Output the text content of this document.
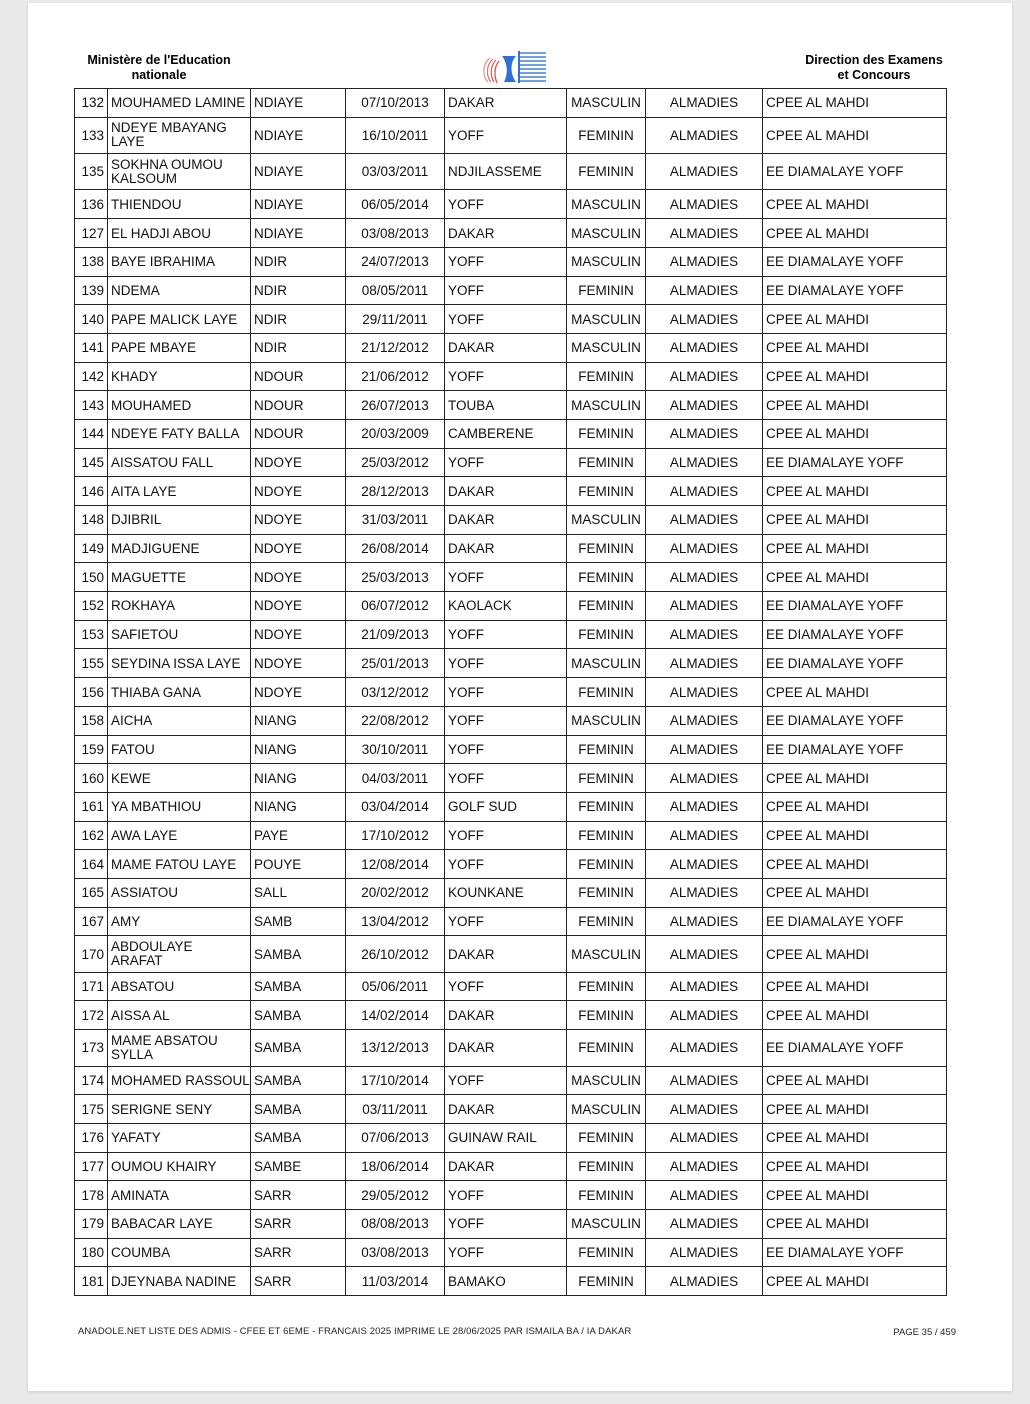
Ministère de l'Education
nationale
Direction des Examens
et Concours
132	MOUHAMED LAMINE	NDIAYE	07/10/2013	DAKAR	MASCULIN	ALMADIES	CPEE AL MAHDI
133	NDEYE MBAYANG
LAYE	NDIAYE	16/10/2011	YOFF	FEMININ	ALMADIES	CPEE AL MAHDI
135	SOKHNA OUMOU
KALSOUM	NDIAYE	03/03/2011	NDJILASSEME	FEMININ	ALMADIES	EE DIAMALAYE YOFF
136	THIENDOU	NDIAYE	06/05/2014	YOFF	MASCULIN	ALMADIES	CPEE AL MAHDI
127	EL HADJI ABOU	NDIAYE	03/08/2013	DAKAR	MASCULIN	ALMADIES	CPEE AL MAHDI
138	BAYE IBRAHIMA	NDIR	24/07/2013	YOFF	MASCULIN	ALMADIES	EE DIAMALAYE YOFF
139	NDEMA	NDIR	08/05/2011	YOFF	FEMININ	ALMADIES	EE DIAMALAYE YOFF
140	PAPE MALICK LAYE	NDIR	29/11/2011	YOFF	MASCULIN	ALMADIES	CPEE AL MAHDI
141	PAPE MBAYE	NDIR	21/12/2012	DAKAR	MASCULIN	ALMADIES	CPEE AL MAHDI
142	KHADY	NDOUR	21/06/2012	YOFF	FEMININ	ALMADIES	CPEE AL MAHDI
143	MOUHAMED	NDOUR	26/07/2013	TOUBA	MASCULIN	ALMADIES	CPEE AL MAHDI
144	NDEYE FATY BALLA	NDOUR	20/03/2009	CAMBERENE	FEMININ	ALMADIES	CPEE AL MAHDI
145	AISSATOU FALL	NDOYE	25/03/2012	YOFF	FEMININ	ALMADIES	EE DIAMALAYE YOFF
146	AITA LAYE	NDOYE	28/12/2013	DAKAR	FEMININ	ALMADIES	CPEE AL MAHDI
148	DJIBRIL	NDOYE	31/03/2011	DAKAR	MASCULIN	ALMADIES	CPEE AL MAHDI
149	MADJIGUENE	NDOYE	26/08/2014	DAKAR	FEMININ	ALMADIES	CPEE AL MAHDI
150	MAGUETTE	NDOYE	25/03/2013	YOFF	FEMININ	ALMADIES	CPEE AL MAHDI
152	ROKHAYA	NDOYE	06/07/2012	KAOLACK	FEMININ	ALMADIES	EE DIAMALAYE YOFF
153	SAFIETOU	NDOYE	21/09/2013	YOFF	FEMININ	ALMADIES	EE DIAMALAYE YOFF
155	SEYDINA ISSA LAYE	NDOYE	25/01/2013	YOFF	MASCULIN	ALMADIES	EE DIAMALAYE YOFF
156	THIABA GANA	NDOYE	03/12/2012	YOFF	FEMININ	ALMADIES	CPEE AL MAHDI
158	AICHA	NIANG	22/08/2012	YOFF	MASCULIN	ALMADIES	EE DIAMALAYE YOFF
159	FATOU	NIANG	30/10/2011	YOFF	FEMININ	ALMADIES	EE DIAMALAYE YOFF
160	KEWE	NIANG	04/03/2011	YOFF	FEMININ	ALMADIES	CPEE AL MAHDI
161	YA MBATHIOU	NIANG	03/04/2014	GOLF SUD	FEMININ	ALMADIES	CPEE AL MAHDI
162	AWA LAYE	PAYE	17/10/2012	YOFF	FEMININ	ALMADIES	CPEE AL MAHDI
164	MAME FATOU LAYE	POUYE	12/08/2014	YOFF	FEMININ	ALMADIES	CPEE AL MAHDI
165	ASSIATOU	SALL	20/02/2012	KOUNKANE	FEMININ	ALMADIES	CPEE AL MAHDI
167	AMY	SAMB	13/04/2012	YOFF	FEMININ	ALMADIES	EE DIAMALAYE YOFF
170	ABDOULAYE
ARAFAT	SAMBA	26/10/2012	DAKAR	MASCULIN	ALMADIES	CPEE AL MAHDI
171	ABSATOU	SAMBA	05/06/2011	YOFF	FEMININ	ALMADIES	CPEE AL MAHDI
172	AISSA AL	SAMBA	14/02/2014	DAKAR	FEMININ	ALMADIES	CPEE AL MAHDI
173	MAME ABSATOU
SYLLA	SAMBA	13/12/2013	DAKAR	FEMININ	ALMADIES	EE DIAMALAYE YOFF
174	MOHAMED RASSOUL	SAMBA	17/10/2014	YOFF	MASCULIN	ALMADIES	CPEE AL MAHDI
175	SERIGNE SENY	SAMBA	03/11/2011	DAKAR	MASCULIN	ALMADIES	CPEE AL MAHDI
176	YAFATY	SAMBA	07/06/2013	GUINAW RAIL	FEMININ	ALMADIES	CPEE AL MAHDI
177	OUMOU KHAIRY	SAMBE	18/06/2014	DAKAR	FEMININ	ALMADIES	CPEE AL MAHDI
178	AMINATA	SARR	29/05/2012	YOFF	FEMININ	ALMADIES	CPEE AL MAHDI
179	BABACAR LAYE	SARR	08/08/2013	YOFF	MASCULIN	ALMADIES	CPEE AL MAHDI
180	COUMBA	SARR	03/08/2013	YOFF	FEMININ	ALMADIES	EE DIAMALAYE YOFF
181	DJEYNABA NADINE	SARR	11/03/2014	BAMAKO	FEMININ	ALMADIES	CPEE AL MAHDI
ANADOLE.NET LISTE DES ADMIS - CFEE ET 6EME - FRANCAIS 2025 IMPRIME LE 28/06/2025 PAR ISMAILA BA / IA DAKAR	PAGE 35 / 459
